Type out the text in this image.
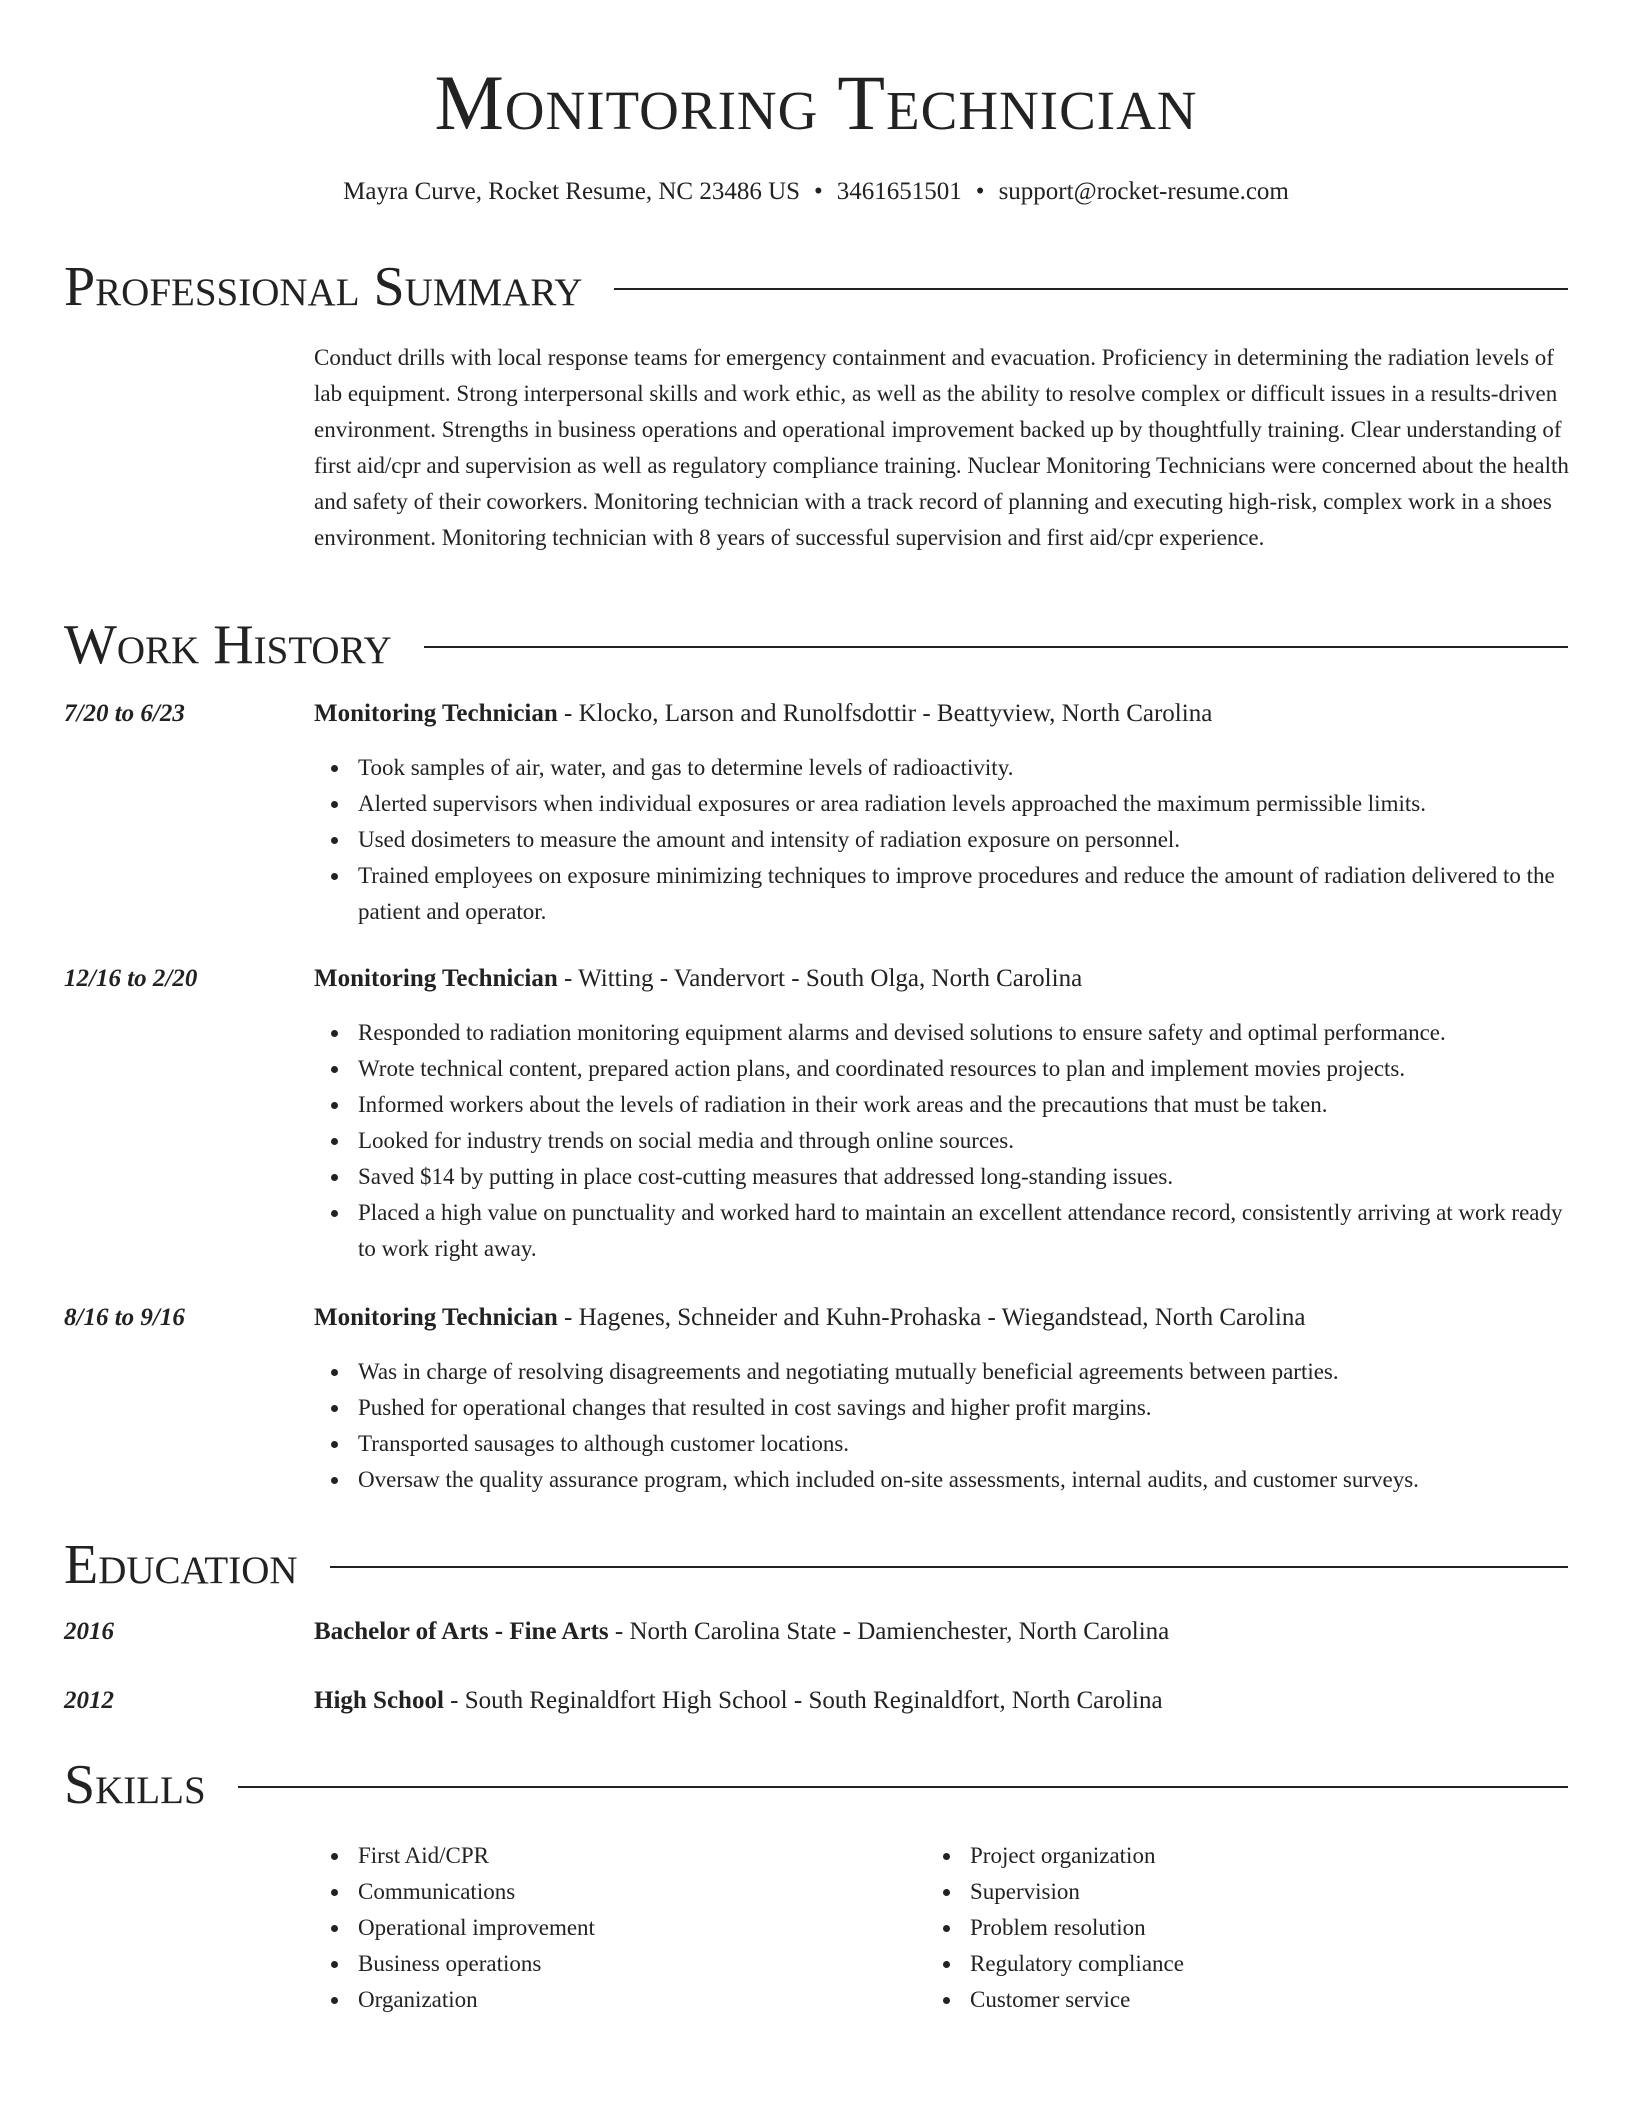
Monitoring Technician
Mayra Curve, Rocket Resume, NC 23486 US • 3461651501 • support@rocket-resume.com
Professional Summary
Conduct drills with local response teams for emergency containment and evacuation. Proficiency in determining the radiation levels of lab equipment. Strong interpersonal skills and work ethic, as well as the ability to resolve complex or difficult issues in a results-driven environment. Strengths in business operations and operational improvement backed up by thoughtfully training. Clear understanding of first aid/cpr and supervision as well as regulatory compliance training. Nuclear Monitoring Technicians were concerned about the health and safety of their coworkers. Monitoring technician with a track record of planning and executing high-risk, complex work in a shoes environment. Monitoring technician with 8 years of successful supervision and first aid/cpr experience.
Work History
7/20 to 6/23	Monitoring Technician - Klocko, Larson and Runolfsdottir - Beattyview, North Carolina
Took samples of air, water, and gas to determine levels of radioactivity.
Alerted supervisors when individual exposures or area radiation levels approached the maximum permissible limits.
Used dosimeters to measure the amount and intensity of radiation exposure on personnel.
Trained employees on exposure minimizing techniques to improve procedures and reduce the amount of radiation delivered to the patient and operator.
12/16 to 2/20	Monitoring Technician - Witting - Vandervort - South Olga, North Carolina
Responded to radiation monitoring equipment alarms and devised solutions to ensure safety and optimal performance.
Wrote technical content, prepared action plans, and coordinated resources to plan and implement movies projects.
Informed workers about the levels of radiation in their work areas and the precautions that must be taken.
Looked for industry trends on social media and through online sources.
Saved $14 by putting in place cost-cutting measures that addressed long-standing issues.
Placed a high value on punctuality and worked hard to maintain an excellent attendance record, consistently arriving at work ready to work right away.
8/16 to 9/16	Monitoring Technician - Hagenes, Schneider and Kuhn-Prohaska - Wiegandstead, North Carolina
Was in charge of resolving disagreements and negotiating mutually beneficial agreements between parties.
Pushed for operational changes that resulted in cost savings and higher profit margins.
Transported sausages to although customer locations.
Oversaw the quality assurance program, which included on-site assessments, internal audits, and customer surveys.
Education
2016	Bachelor of Arts - Fine Arts - North Carolina State - Damienchester, North Carolina
2012	High School - South Reginaldfort High School - South Reginaldfort, North Carolina
Skills
First Aid/CPR
Communications
Operational improvement
Business operations
Organization
Project organization
Supervision
Problem resolution
Regulatory compliance
Customer service
